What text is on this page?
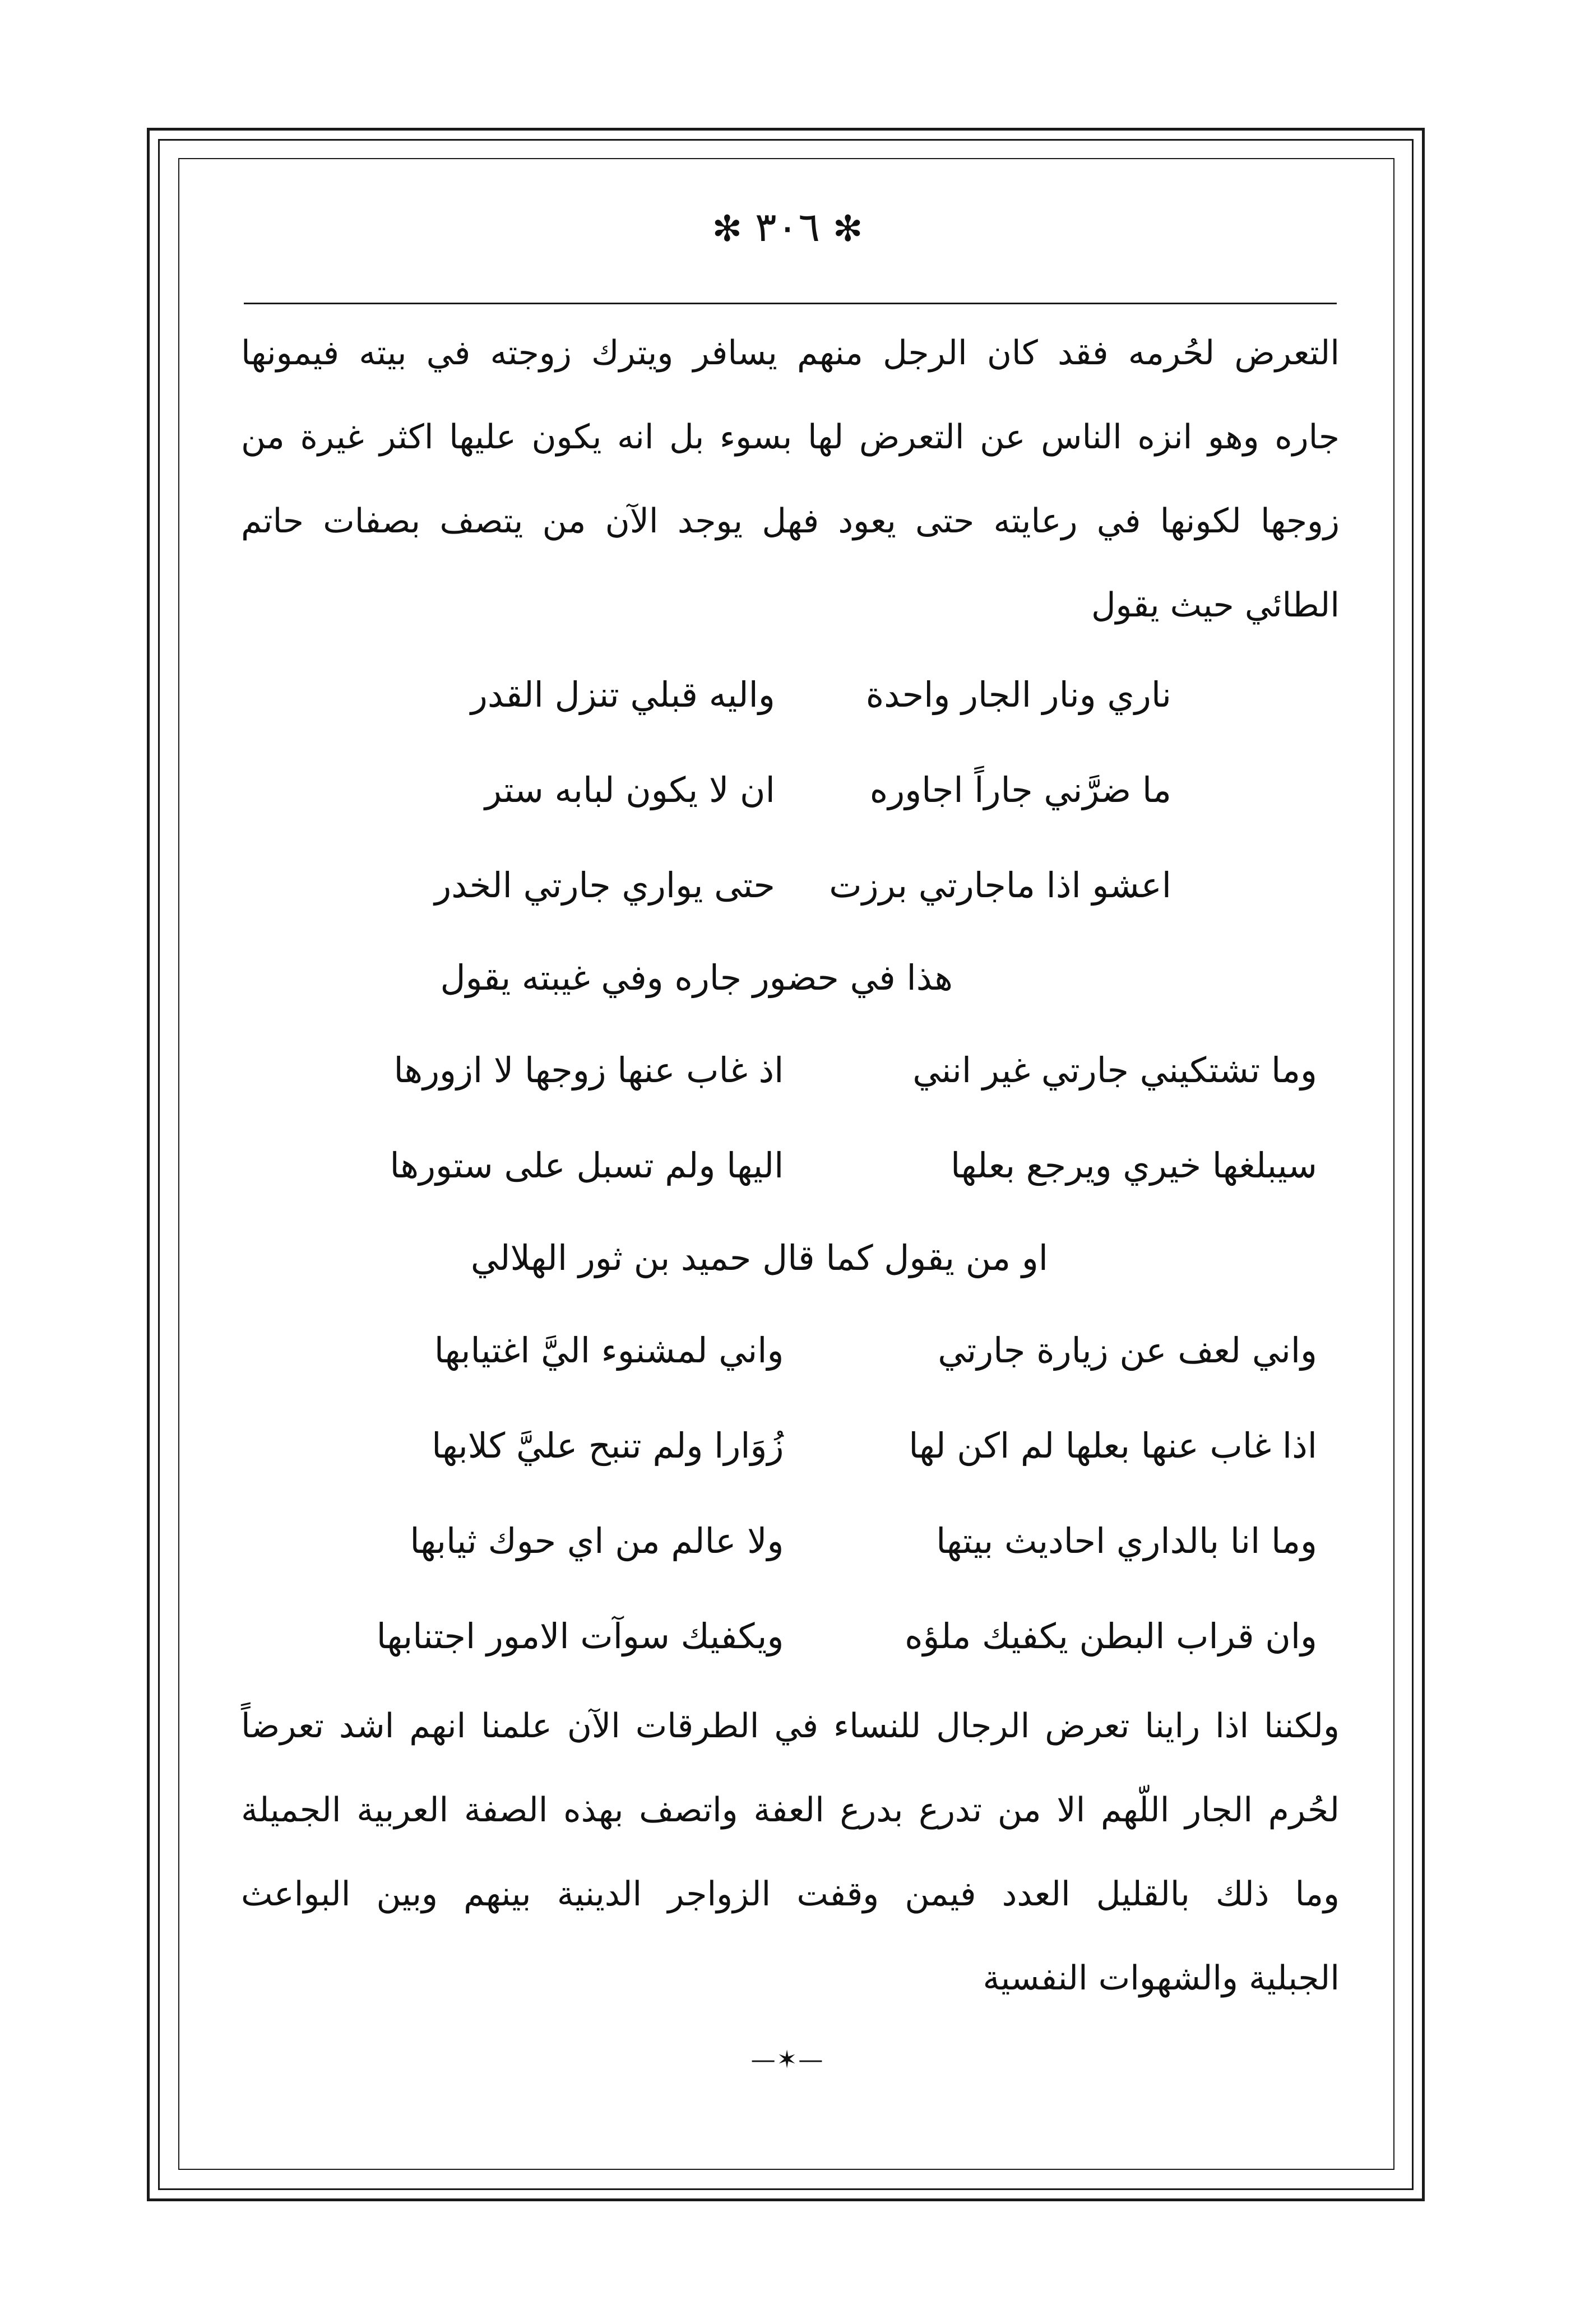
✻ ٣٠٦ ✻
التعرض لحُرمه فقد كان الرجل منهم يسافر ويترك زوجته في بيته فيمونها
جاره وهو انزه الناس عن التعرض لها بسوء بل انه يكون عليها اكثر غيرة من
زوجها لكونها في رعايته حتى يعود فهل يوجد الآن من يتصف بصفات حاتم
الطائي حيث يقول
ناري ونار الجار واحدة
واليه قبلي تنزل القدر
ما ضرَّني جاراً اجاوره
ان لا يكون لبابه ستر
اعشو اذا ماجارتي برزت
حتى يواري جارتي الخدر
هذا في حضور جاره وفي غيبته يقول
وما تشتكيني جارتي غير انني
اذ غاب عنها زوجها لا ازورها
سيبلغها خيري ويرجع بعلها
اليها ولم تسبل على ستورها
او من يقول كما قال حميد بن ثور الهلالي
واني لعف عن زيارة جارتي
واني لمشنوء اليَّ اغتيابها
اذا غاب عنها بعلها لم اكن لها
زُوَارا ولم تنبح عليَّ كلابها
وما انا بالداري احاديث بيتها
ولا عالم من اي حوك ثيابها
وان قراب البطن يكفيك ملؤه
ويكفيك سوآت الامور اجتنابها
ولكننا اذا راينا تعرض الرجال للنساء في الطرقات الآن علمنا انهم اشد تعرضاً
لحُرم الجار اللّهم الا من تدرع بدرع العفة واتصف بهذه الصفة العربية الجميلة
وما ذلك بالقليل العدد فيمن وقفت الزواجر الدينية بينهم وبين البواعث
الجبلية والشهوات النفسية
—✶—
